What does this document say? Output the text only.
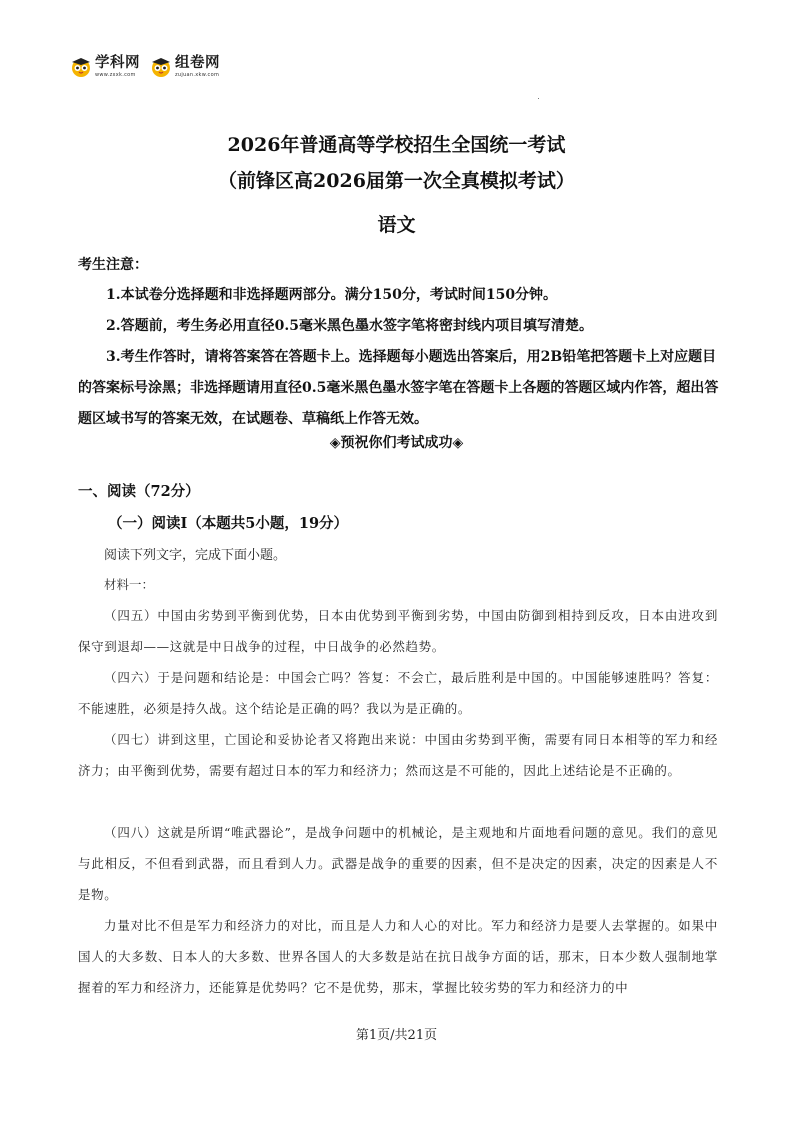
学科网
www.zxxk.com
组卷网
zujuan.xkw.com
2026年普通高等学校招生全国统一考试
（前锋区高2026届第一次全真模拟考试）
语文
考生注意：
1.本试卷分选择题和非选择题两部分。满分150分，考试时间150分钟。
2.答题前，考生务必用直径0.5毫米黑色墨水签字笔将密封线内项目填写清楚。
3.考生作答时，请将答案答在答题卡上。选择题每小题选出答案后，用2B铅笔把答题卡上对应题目的答案标号涂黑；非选择题请用直径0.5毫米黑色墨水签字笔在答题卡上各题的答题区域内作答，超出答题区域书写的答案无效，在试题卷、草稿纸上作答无效。
◈预祝你们考试成功◈
一、阅读（72分）
（一）阅读Ⅰ（本题共5小题，19分）
阅读下列文字，完成下面小题。
材料一：
（四五）中国由劣势到平衡到优势，日本由优势到平衡到劣势，中国由防御到相持到反攻，日本由进攻到保守到退却——这就是中日战争的过程，中日战争的必然趋势。
（四六）于是问题和结论是：中国会亡吗？答复：不会亡，最后胜利是中国的。中国能够速胜吗？答复：不能速胜，必须是持久战。这个结论是正确的吗？我以为是正确的。
（四七）讲到这里，亡国论和妥协论者又将跑出来说：中国由劣势到平衡，需要有同日本相等的军力和经济力；由平衡到优势，需要有超过日本的军力和经济力；然而这是不可能的，因此上述结论是不正确的。
（四八）这就是所谓“唯武器论”，是战争问题中的机械论，是主观地和片面地看问题的意见。我们的意见与此相反，不但看到武器，而且看到人力。武器是战争的重要的因素，但不是决定的因素，决定的因素是人不是物。
力量对比不但是军力和经济力的对比，而且是人力和人心的对比。军力和经济力是要人去掌握的。如果中国人的大多数、日本人的大多数、世界各国人的大多数是站在抗日战争方面的话，那末，日本少数人强制地掌握着的军力和经济力，还能算是优势吗？它不是优势，那末，掌握比较劣势的军力和经济力的中
第1页/共21页
